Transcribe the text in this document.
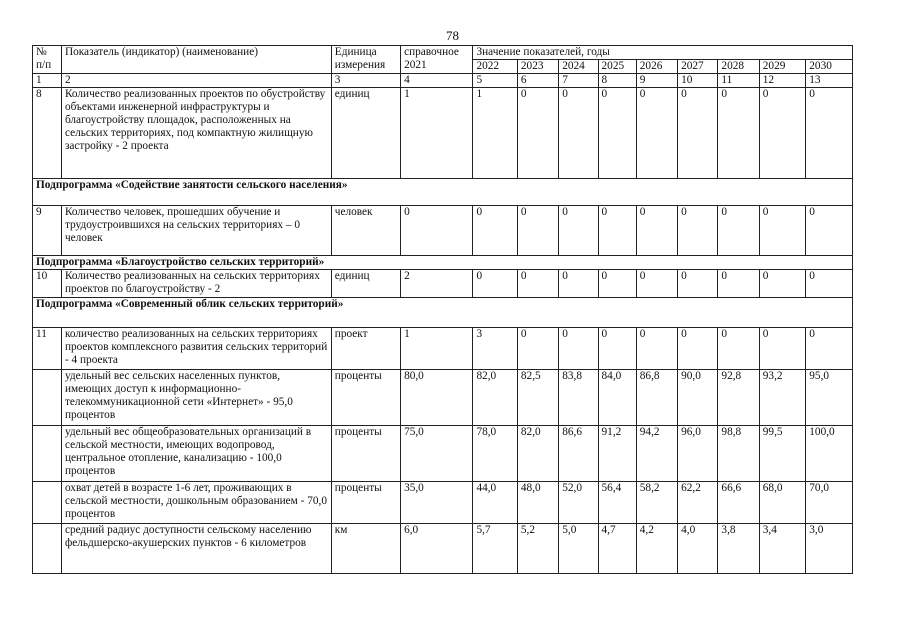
78
№ п/п	Показатель (индикатор) (наименование)	Единица измерения	справочное 2021	Значение показателей, годы								
				2022	2023	2024	2025	2026	2027	2028	2029	2030
1	2	3	4	5	6	7	8	9	10	11	12	13
8	Количество реализованных проектов по обустройству объектами инженерной инфраструктуры и благоустройству площадок, расположенных на сельских территориях, под компактную жилищную застройку - 2 проекта	единиц	1	1	0	0	0	0	0	0	0	0
Подпрограмма «Содействие занятости сельского населения»												
9	Количество человек, прошедших обучение и трудоустроившихся на сельских территориях – 0 человек	человек	0	0	0	0	0	0	0	0	0	0
Подпрограмма «Благоустройство сельских территорий»												
10	Количество реализованных на сельских территориях проектов по благоустройству - 2	единиц	2	0	0	0	0	0	0	0	0	0
Подпрограмма «Современный облик сельских территорий»												
11	количество реализованных на сельских территориях проектов комплексного развития сельских территорий - 4 проекта	проект	1	3	0	0	0	0	0	0	0	0
	удельный вес сельских населенных пунктов, имеющих доступ к информационно-телекоммуникационной сети «Интернет» - 95,0 процентов	проценты	80,0	82,0	82,5	83,8	84,0	86,8	90,0	92,8	93,2	95,0
	удельный вес общеобразовательных организаций в сельской местности, имеющих водопровод, центральное отопление, канализацию - 100,0 процентов	проценты	75,0	78,0	82,0	86,6	91,2	94,2	96,0	98,8	99,5	100,0
	охват детей в возрасте 1-6 лет, проживающих в сельской местности, дошкольным образованием - 70,0 процентов	проценты	35,0	44,0	48,0	52,0	56,4	58,2	62,2	66,6	68,0	70,0
	средний радиус доступности сельскому населению фельдшерско-акушерских пунктов - 6 километров	км	6,0	5,7	5,2	5,0	4,7	4,2	4,0	3,8	3,4	3,0
